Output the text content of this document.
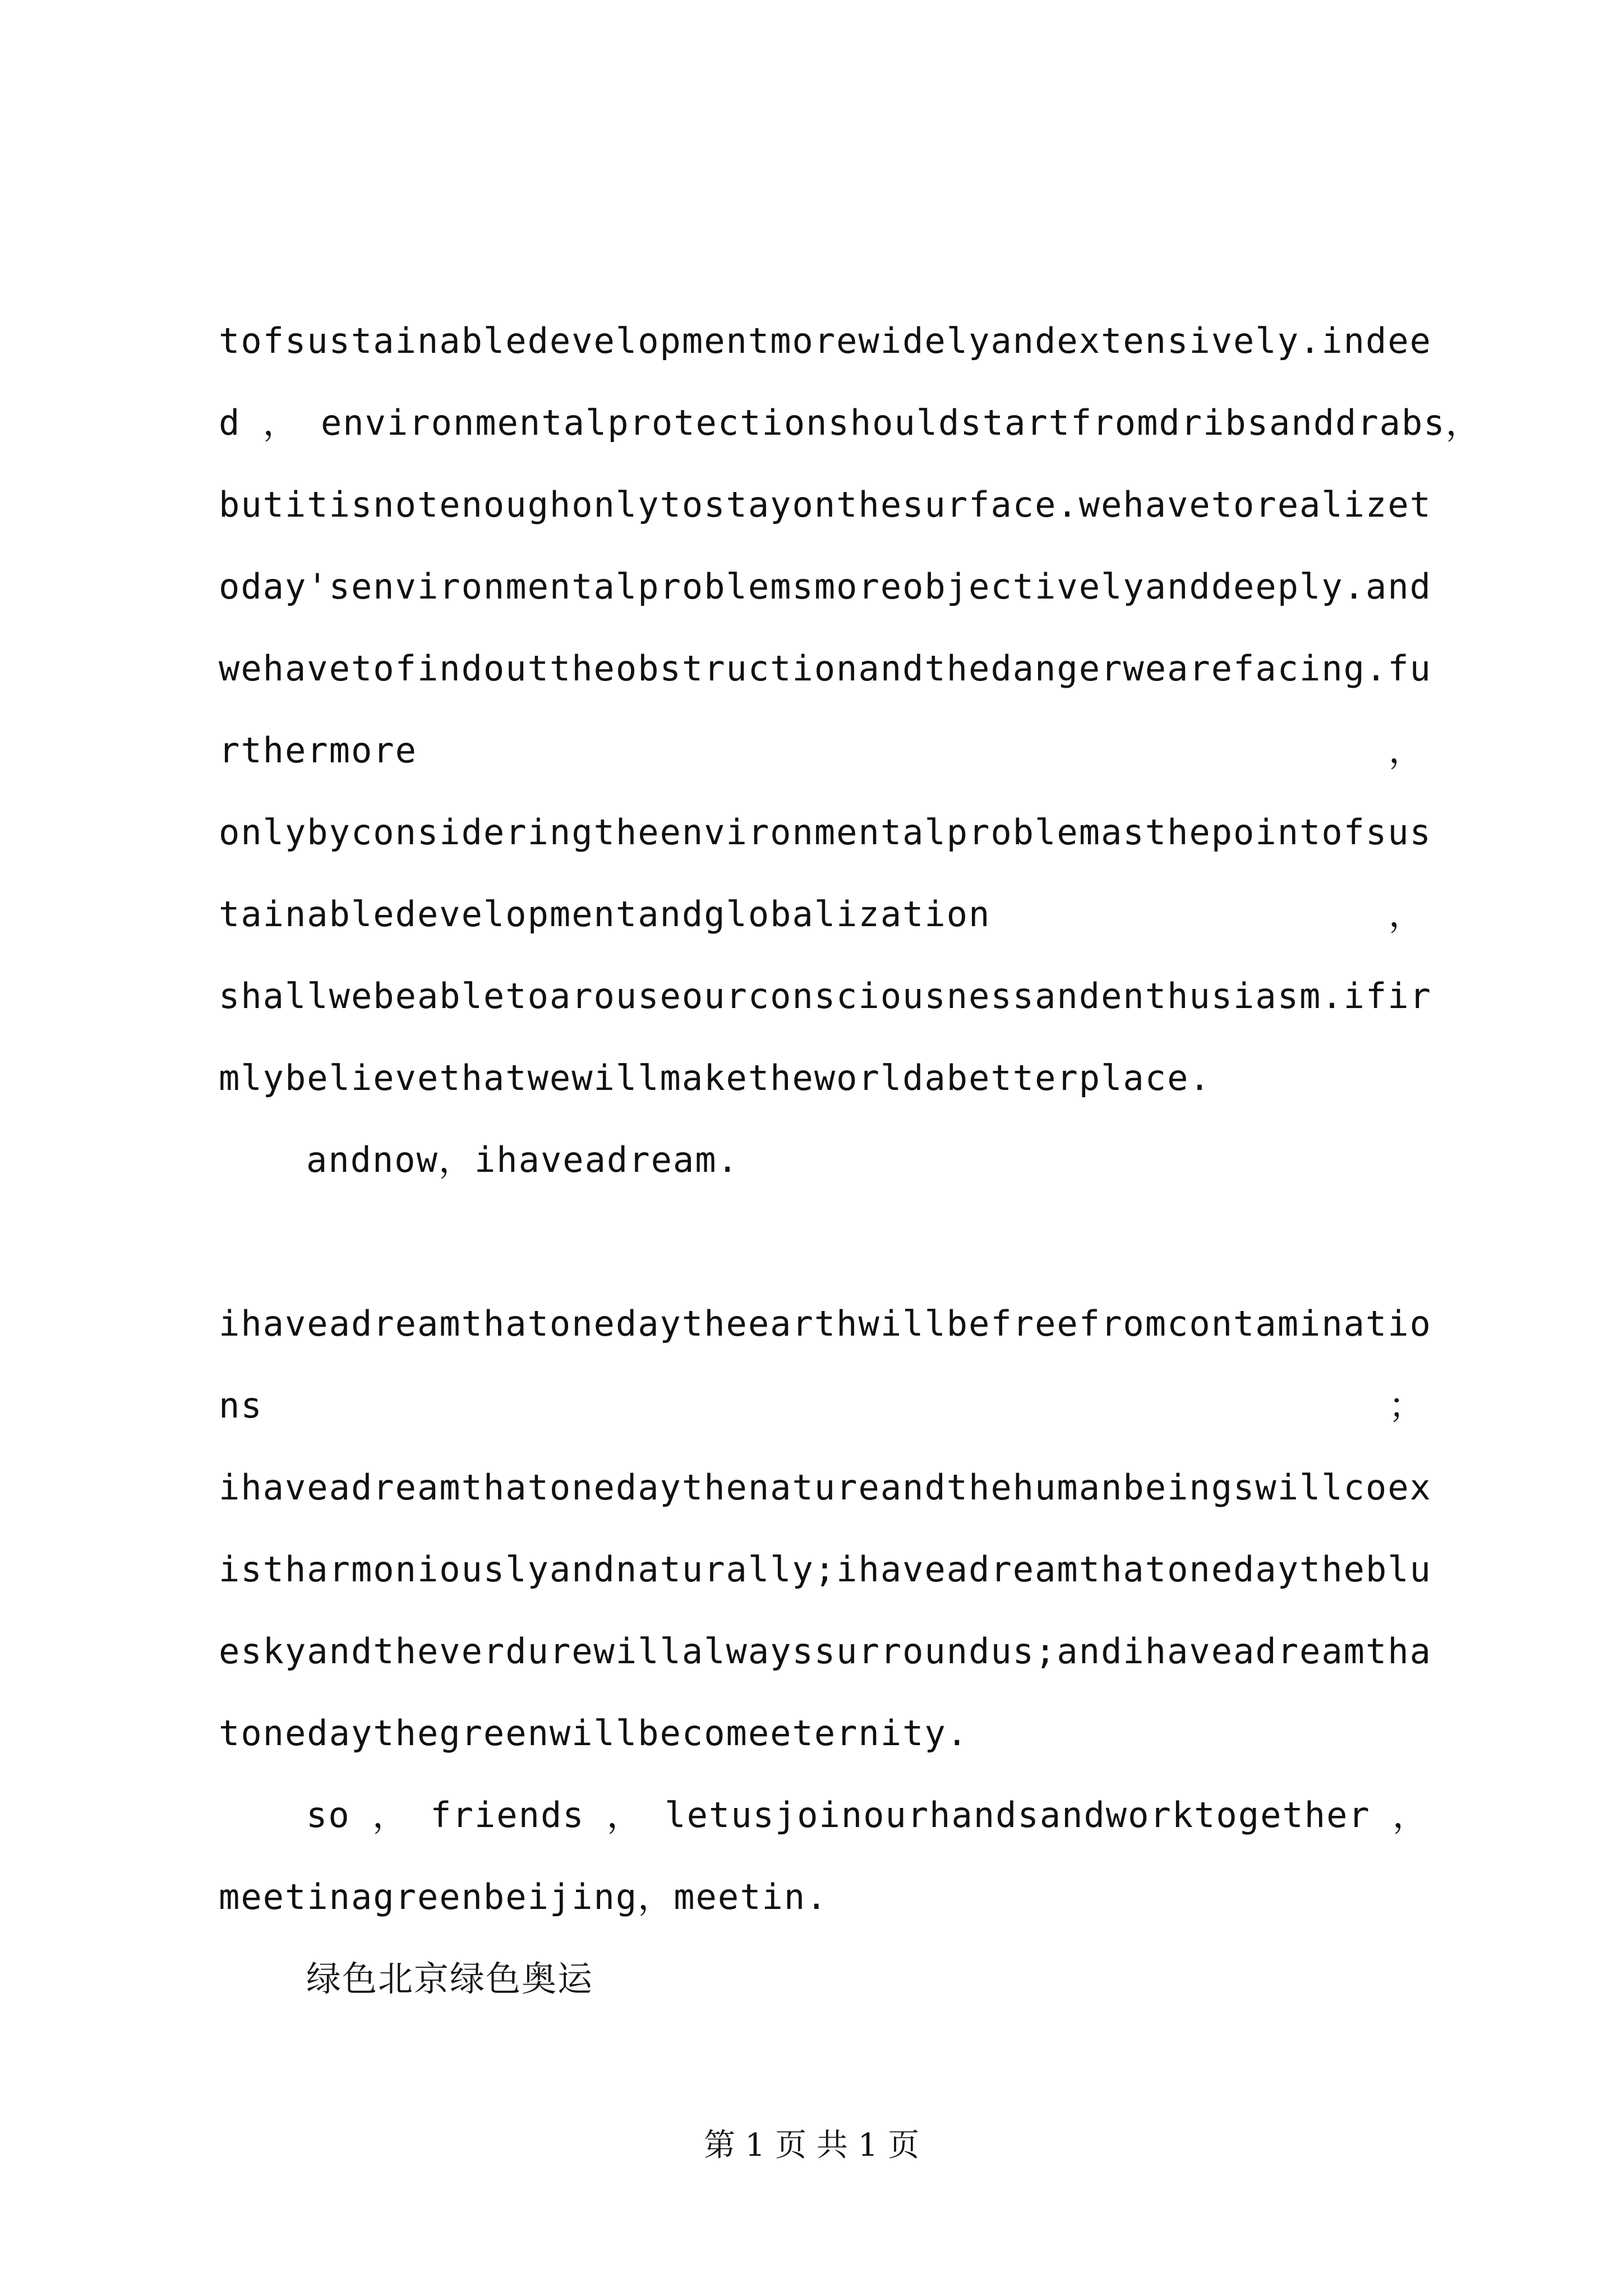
tofsustainabledevelopmentmorewidelyandextensively.indee
d ， environmentalprotectionshouldstartfromdribsanddrabs，
butitisnotenoughonlytostayonthesurface.wehavetorealizet
oday'senvironmentalproblemsmoreobjectivelyanddeeply.and
wehavetofindouttheobstructionandthedangerwearefacing.fu
rthermore	，
onlybyconsideringtheenvironmentalproblemasthepointofsus
tainabledevelopmentandglobalization	，
shallwebeabletoarouseourconsciousnessandenthusiasm.ifir
mlybelievethatwewillmaketheworldabetterplace.
andnow，ihaveadream.
ihaveadreamthatonedaytheearthwillbefreefromcontaminatio
ns	；
ihaveadreamthatonedaythenatureandthehumanbeingswillcoex
istharmoniouslyandnaturally;ihaveadreamthatonedaytheblu
eskyandtheverdurewillalwayssurroundus;andihaveadreamtha
tonedaythegreenwillbecomeeternity.
so ， friends ， letusjoinourhandsandworktogether ，
meetinagreenbeijing，meetin.
绿色北京绿色奥运
第 1 页 共 1 页
